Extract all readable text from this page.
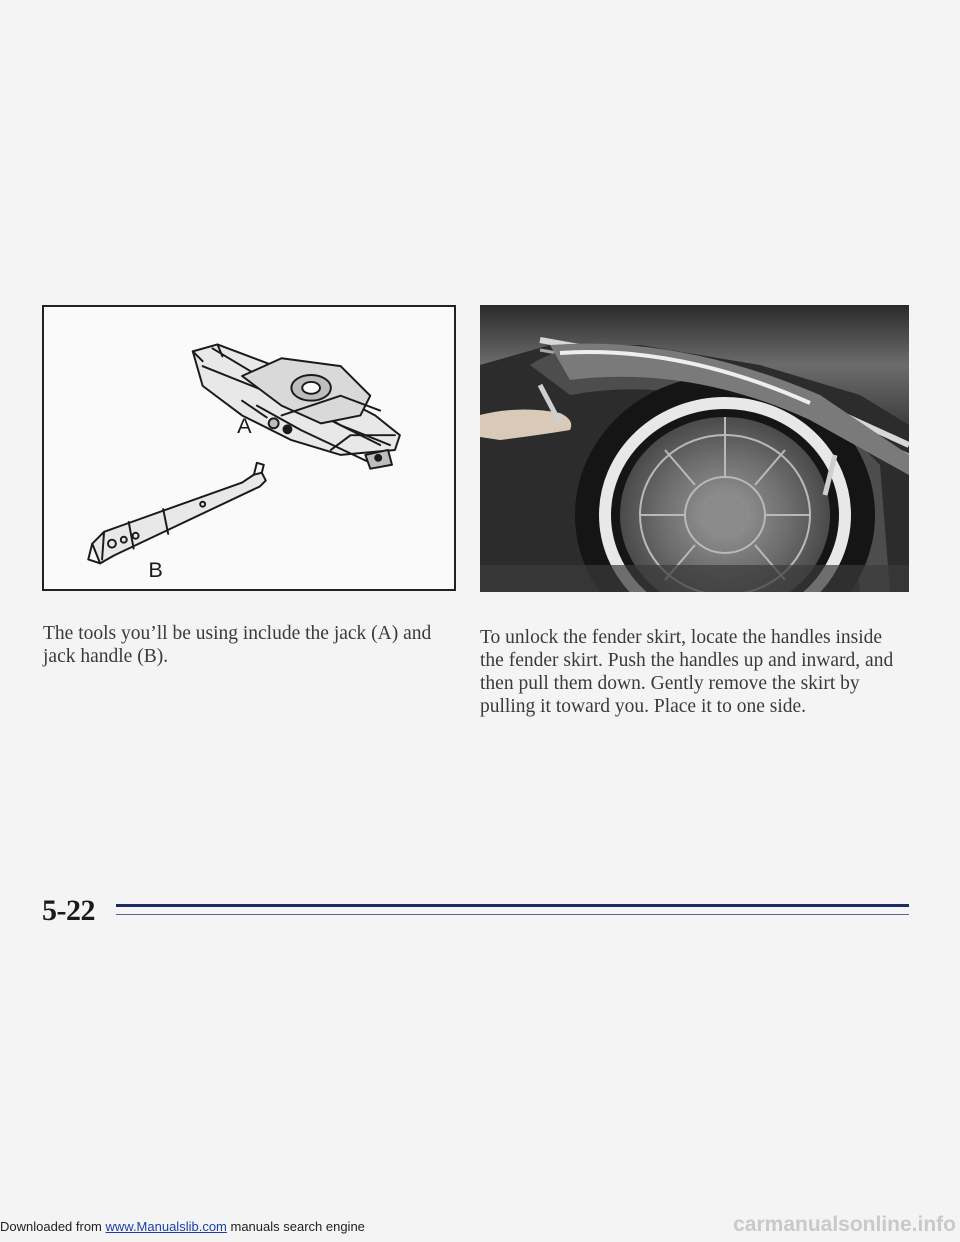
A
B

The tools you’ll be using include the jack (A) and jack handle (B).

To unlock the fender skirt, locate the handles inside the fender skirt. Push the handles up and inward, and then pull them down. Gently remove the skirt by pulling it toward you. Place it to one side.

5-22
Downloaded from www.Manualslib.com manuals search engine	carmanualsonline.info
